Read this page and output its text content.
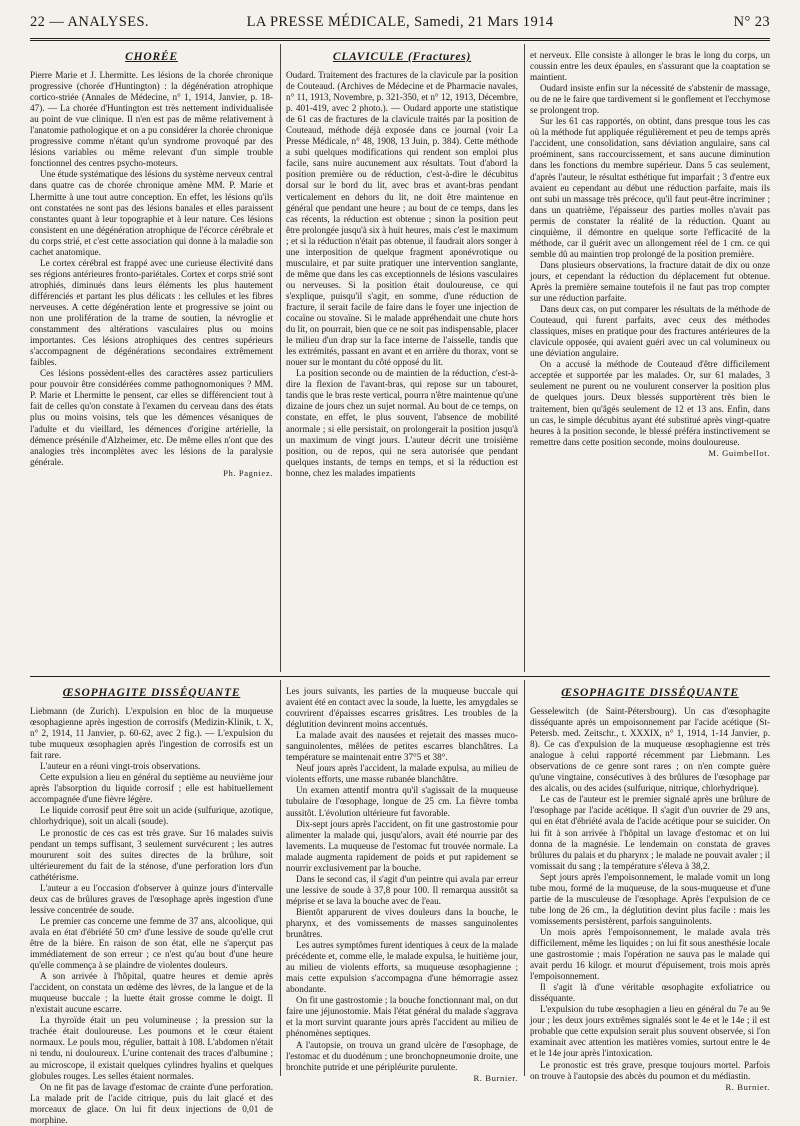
22 — ANALYSES.	LA PRESSE MÉDICALE, Samedi, 21 Mars 1914	N° 23
CHORÉE

Pierre Marie et J. Lhermitte. Les lésions de la chorée chronique progressive (chorée d'Huntington) : la dégénération atrophique cortico-striée (Annales de Médecine, n° 1, 1914, Janvier, p. 18-47). — La chorée d'Huntington est très nettement individualisée au point de vue clinique. Il n'en est pas de même relativement à l'anatomie pathologique et on a pu considérer la chorée chronique progressive comme n'étant qu'un syndrome provoqué par des lésions variables ou même relevant d'un simple trouble fonctionnel des centres psycho-moteurs.

Une étude systématique des lésions du système nerveux central dans quatre cas de chorée chronique amène MM. P. Marie et Lhermitte à une tout autre conception. En effet, les lésions qu'ils ont constatées ne sont pas des lésions banales et elles paraissent constantes quant à leur topographie et à leur nature. Ces lésions consistent en une dégénération atrophique de l'écorce cérébrale et du corps strié, et c'est cette association qui donne à la maladie son cachet anatomique.

Le cortex cérébral est frappé avec une curieuse électivité dans ses régions antérieures fronto-pariétales. Cortex et corps strié sont atrophiés, diminués dans leurs éléments les plus hautement différenciés et partant les plus délicats : les cellules et les fibres nerveuses. A cette dégénération lente et progressive se joint ou non une prolifération de la trame de soutien, la névroglie et constamment des altérations vasculaires plus ou moins importantes. Ces lésions atrophiques des centres supérieurs s'accompagnent de dégénérations secondaires extrêmement faibles.

Ces lésions possèdent-elles des caractères assez particuliers pour pouvoir être considérées comme pathognomoniques ? MM. P. Marie et Lhermitte le pensent, car elles se différencient tout à fait de celles qu'on constate à l'examen du cerveau dans des états plus ou moins voisins, tels que les démences vésaniques de l'adulte et du vieillard, les démences d'origine artérielle, la démence présénile d'Alzheimer, etc. De même elles n'ont que des analogies très incomplètes avec les lésions de la paralysie générale.

Ph. Pagniez.

CLAVICULE (Fractures)

Oudard. Traitement des fractures de la clavicule par la position de Couteaud. (Archives de Médecine et de Pharmacie navales, n° 11, 1913, Novembre, p. 321-350, et n° 12, 1913, Décembre, p. 401-419, avec 2 photo.). — Oudard apporte une statistique de 61 cas de fractures de la clavicule traités par la position de Couteaud, méthode déjà exposée dans ce journal (voir La Presse Médicale, n° 48, 1908, 13 Juin, p. 384). Cette méthode a subi quelques modifications qui rendent son emploi plus facile, sans nuire aucunement aux résultats. Tout d'abord la position première ou de réduction, c'est-à-dire le décubitus dorsal sur le bord du lit, avec bras et avant-bras pendant verticalement en dehors du lit, ne doit être maintenue en général que pendant une heure ; au bout de ce temps, dans les cas récents, la réduction est obtenue ; sinon la position peut être prolongée jusqu'à six à huit heures, mais c'est le maximum ; et si la réduction n'était pas obtenue, il faudrait alors songer à une interposition de quelque fragment aponévrotique ou musculaire, et par suite pratiquer une intervention sanglante, de même que dans les cas exceptionnels de lésions vasculaires ou nerveuses. Si la position était douloureuse, ce qui s'explique, puisqu'il s'agit, en somme, d'une réduction de fracture, il serait facile de faire dans le foyer une injection de cocaïne ou stovaïne. Si le malade appréhendait une chute hors du lit, on pourrait, bien que ce ne soit pas indispensable, placer le milieu d'un drap sur la face interne de l'aisselle, tandis que les extrémités, passant en avant et en arrière du thorax, vont se nouer sur le montant du côté opposé du lit.

La position seconde ou de maintien de la réduction, c'est-à-dire la flexion de l'avant-bras, qui repose sur un tabouret, tandis que le bras reste vertical, pourra n'être maintenue qu'une dizaine de jours chez un sujet normal. Au bout de ce temps, on constate, en effet, le plus souvent, l'absence de mobilité anormale ; si elle persistait, on prolongerait la position jusqu'à un maximum de vingt jours. L'auteur décrit une troisième position, ou de repos, qui ne sera autorisée que pendant quelques instants, de temps en temps, et si la réduction est bonne, chez les malades impatients

et nerveux. Elle consiste à allonger le bras le long du corps, un coussin entre les deux épaules, en s'assurant que la coaptation se maintient.

Oudard insiste enfin sur la nécessité de s'abstenir de massage, ou de ne le faire que tardivement si le gonflement et l'ecchymose se prolongent trop.

Sur les 61 cas rapportés, on obtint, dans presque tous les cas où la méthode fut appliquée régulièrement et peu de temps après l'accident, une consolidation, sans déviation angulaire, sans cal proéminent, sans raccourcissement, et sans aucune diminution dans les fonctions du membre supérieur. Dans 5 cas seulement, d'après l'auteur, le résultat esthétique fut imparfait ; 3 d'entre eux avaient eu cependant au début une réduction parfaite, mais ils ont subi un massage très précoce, qu'il faut peut-être incriminer ; dans un quatrième, l'épaisseur des parties molles n'avait pas permis de constater la réalité de la réduction. Quant au cinquième, il démontre en quelque sorte l'efficacité de la méthode, car il guérit avec un allongement réel de 1 cm. ce qui semble dû au maintien trop prolongé de la position première.

Dans plusieurs observations, la fracture datait de dix ou onze jours, et cependant la réduction du déplacement fut obtenue. Après la première semaine toutefois il ne faut pas trop compter sur une réduction parfaite.

Dans deux cas, on put comparer les résultats de la méthode de Couteaud, qui furent parfaits, avec ceux des méthodes classiques, mises en pratique pour des fractures antérieures de la clavicule opposée, qui avaient guéri avec un cal volumineux ou une déviation angulaire.

On a accusé la méthode de Couteaud d'être difficilement acceptée et supportée par les malades. Or, sur 61 malades, 3 seulement ne purent ou ne voulurent conserver la position plus de quelques jours. Deux blessés supportèrent très bien le traitement, bien qu'âgés seulement de 12 et 13 ans. Enfin, dans un cas, le simple décubitus ayant été substitué après vingt-quatre heures à la position seconde, le blessé préféra instinctivement se remettre dans cette position seconde, moins douloureuse.

M. Guimbellot.

ŒSOPHAGITE DISSÉQUANTE

Liebmann (de Zurich). L'expulsion en bloc de la muqueuse œsophagienne après ingestion de corrosifs (Medizin-Klinik, t. X, n° 2, 1914, 11 Janvier, p. 60-62, avec 2 fig.). — L'expulsion du tube muqueux œsophagien après l'ingestion de corrosifs est un fait rare.

L'auteur en a réuni vingt-trois observations.

Cette expulsion a lieu en général du septième au neuvième jour après l'absorption du liquide corrosif ; elle est habituellement accompagnée d'une fièvre légère.

Le liquide corrosif peut être soit un acide (sulfurique, azotique, chlorhydrique), soit un alcali (soude).

Le pronostic de ces cas est très grave. Sur 16 malades suivis pendant un temps suffisant, 3 seulement survécurent ; les autres moururent soit des suites directes de la brûlure, soit ultérieurement du fait de la sténose, d'une perforation lors d'un cathétérisme.

L'auteur a eu l'occasion d'observer à quinze jours d'intervalle deux cas de brûlures graves de l'œsophage après ingestion d'une lessive concentrée de soude.

Le premier cas concerne une femme de 37 ans, alcoolique, qui avala en état d'ébriété 50 cm³ d'une lessive de soude qu'elle crut être de la bière. En raison de son état, elle ne s'aperçut pas immédiatement de son erreur ; ce n'est qu'au bout d'une heure qu'elle commença à se plaindre de violentes douleurs.

A son arrivée à l'hôpital, quatre heures et demie après l'accident, on constata un œdème des lèvres, de la langue et de la muqueuse buccale ; la luette était grosse comme le doigt. Il n'existait aucune escarre.

La thyroïde était un peu volumineuse ; la pression sur la trachée était douloureuse. Les poumons et le cœur étaient normaux. Le pouls mou, régulier, battait à 108. L'abdomen n'était ni tendu, ni douloureux. L'urine contenait des traces d'albumine ; au microscope, il existait quelques cylindres hyalins et quelques globules rouges. Les selles étaient normales.

On ne fit pas de lavage d'estomac de crainte d'une perforation. La malade prit de l'acide citrique, puis du lait glacé et des morceaux de glace. On lui fit deux injections de 0,01 de morphine.

Les jours suivants, les parties de la muqueuse buccale qui avaient été en contact avec la soude, la luette, les amygdales se couvrirent d'épaisses escarres grisâtres. Les troubles de la déglutition devinrent moins accentués.

La malade avait des nausées et rejetait des masses muco-sanguinolentes, mêlées de petites escarres blanchâtres. La température se maintenait entre 37°5 et 38°.

Neuf jours après l'accident, la malade expulsa, au milieu de violents efforts, une masse rubanée blanchâtre.

Un examen attentif montra qu'il s'agissait de la muqueuse tubulaire de l'œsophage, longue de 25 cm. La fièvre tomba aussitôt. L'évolution ultérieure fut favorable.

Dix-sept jours après l'accident, on fit une gastrostomie pour alimenter la malade qui, jusqu'alors, avait été nourrie par des lavements. La muqueuse de l'estomac fut trouvée normale. La malade augmenta rapidement de poids et put rapidement se nourrir exclusivement par la bouche.

Dans le second cas, il s'agit d'un peintre qui avala par erreur une lessive de soude à 37,8 pour 100. Il remarqua aussitôt sa méprise et se lava la bouche avec de l'eau.

Bientôt apparurent de vives douleurs dans la bouche, le pharynx, et des vomissements de masses sanguinolentes brunâtres.

Les autres symptômes furent identiques à ceux de la malade précédente et, comme elle, le malade expulsa, le huitième jour, au milieu de violents efforts, sa muqueuse œsophagienne ; mais cette expulsion s'accompagna d'une hémorragie assez abondante.

On fit une gastrostomie ; la bouche fonctionnant mal, on dut faire une jéjunostomie. Mais l'état général du malade s'aggrava et la mort survint quarante jours après l'accident au milieu de phénomènes septiques.

A l'autopsie, on trouva un grand ulcère de l'œsophage, de l'estomac et du duodénum ; une bronchopneumonie droite, une bronchite putride et une péripléurite purulente.

R. Burnier.

ŒSOPHAGITE DISSÉQUANTE

Gesselewitch (de Saint-Pétersbourg). Un cas d'œsophagite disséquante après un empoisonnement par l'acide acétique (St-Petersb. med. Zeitschr., t. XXXIX, n° 1, 1914, 1-14 Janvier, p. 8). Ce cas d'expulsion de la muqueuse œsophagienne est très analogue à celui rapporté récemment par Liebmann. Les observations de ce genre sont rares ; on n'en compte guère qu'une vingtaine, consécutives à des brûlures de l'œsophage par des alcalis, ou des acides (sulfurique, nitrique, chlorhydrique).

Le cas de l'auteur est le premier signalé après une brûlure de l'œsophage par l'acide acétique. Il s'agit d'un ouvrier de 29 ans, qui en état d'ébriété avala de l'acide acétique pour se suicider. On lui fit à son arrivée à l'hôpital un lavage d'estomac et on lui donna de la magnésie. Le lendemain on constata de graves brûlures du palais et du pharynx ; le malade ne pouvait avaler ; il vomissait du sang ; la température s'éleva à 38,2.

Sept jours après l'empoisonnement, le malade vomit un long tube mou, formé de la muqueuse, de la sous-muqueuse et d'une partie de la musculeuse de l'œsophage. Après l'expulsion de ce tube long de 26 cm., la déglutition devint plus facile : mais les vomissements persistèrent, parfois sanguinolents.

Un mois après l'empoisonnement, le malade avala très difficilement, même les liquides ; on lui fit sous anesthésie locale une gastrostomie ; mais l'opération ne sauva pas le malade qui avait perdu 16 kilogr. et mourut d'épuisement, trois mois après l'empoisonnement.

Il s'agit là d'une véritable œsophagite exfoliatrice ou disséquante.

L'expulsion du tube œsophagien a lieu en général du 7e au 9e jour ; les deux jours extrêmes signalés sont le 4e et le 14e ; il est probable que cette expulsion serait plus souvent observée, si l'on examinait avec attention les matières vomies, surtout entre le 4e et le 14e jour après l'intoxication.

Le pronostic est très grave, presque toujours mortel. Parfois on trouve à l'autopsie des abcès du poumon et du médiastin.

R. Burnier.
